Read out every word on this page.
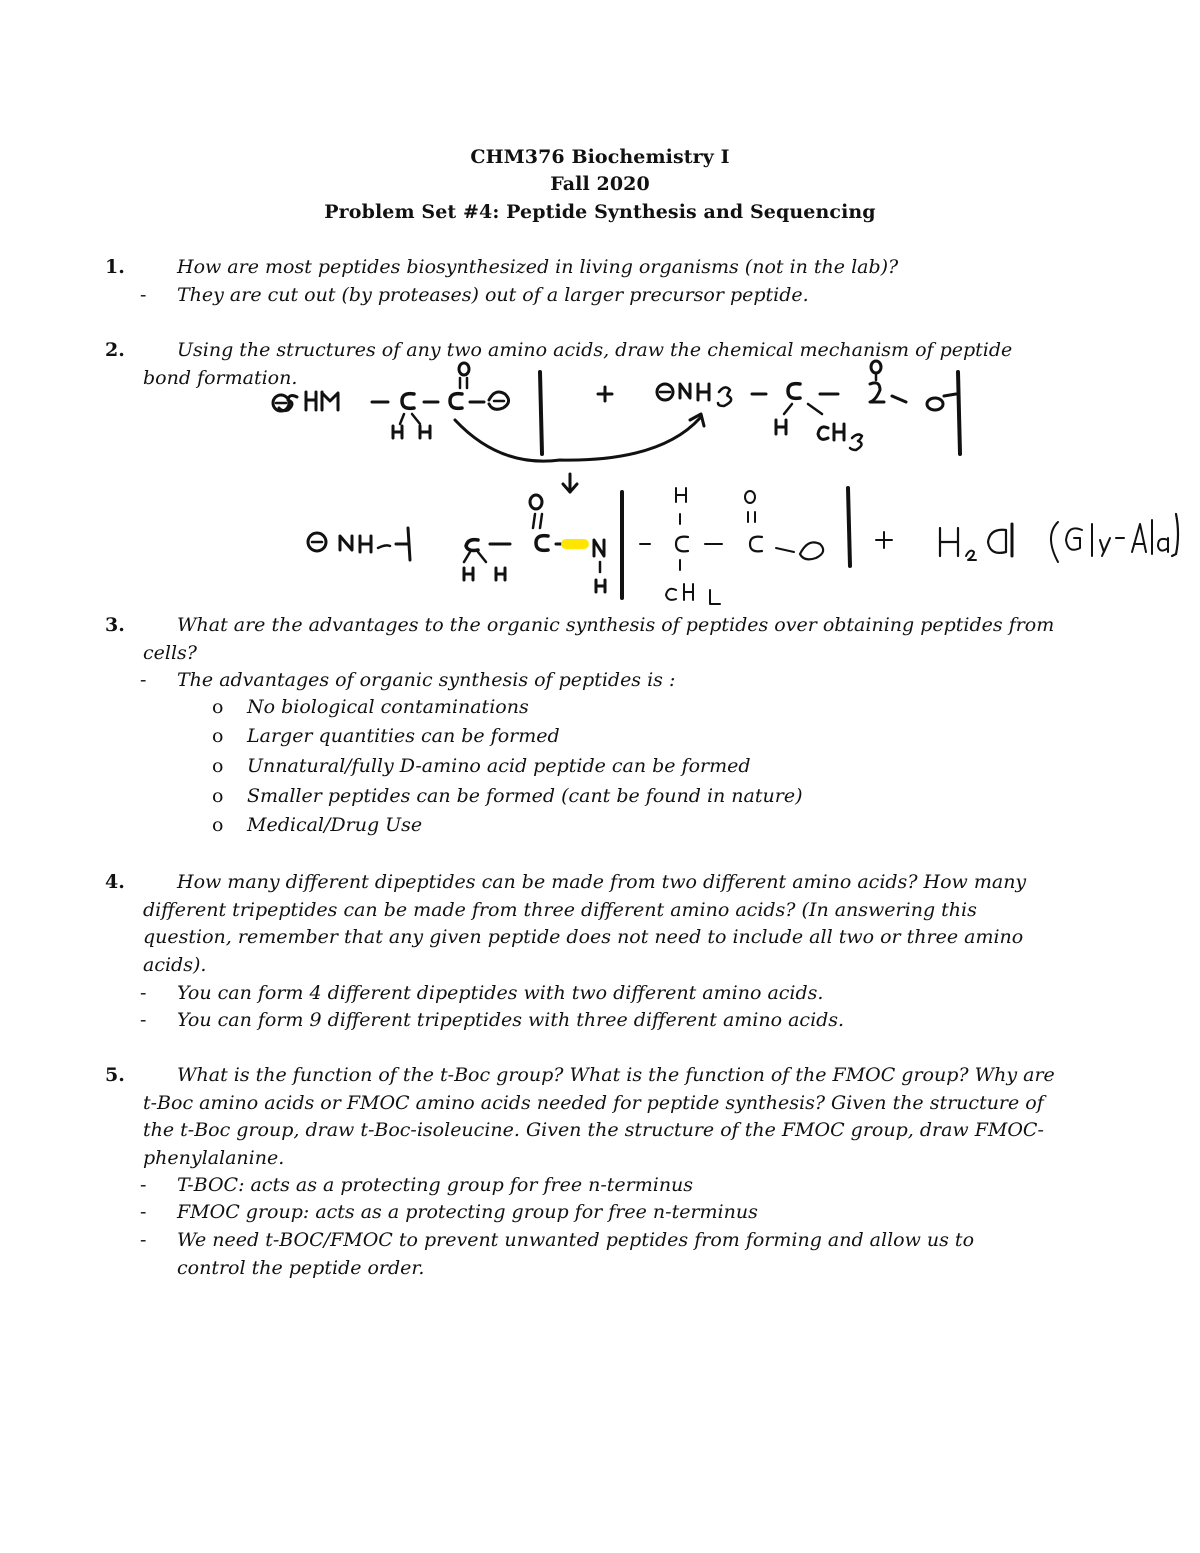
CHM376 Biochemistry I
Fall 2020
Problem Set #4: Peptide Synthesis and Sequencing
1.	How are most peptides biosynthesized in living organisms (not in the lab)?
-	They are cut out (by proteases) out of a larger precursor peptide.
2.	Using the structures of any two amino acids, draw the chemical mechanism of peptide bond formation.
3.	What are the advantages to the organic synthesis of peptides over obtaining peptides from cells?
-	The advantages of organic synthesis of peptides is :
o No biological contaminations
o Larger quantities can be formed
o Unnatural/fully D-amino acid peptide can be formed
o Smaller peptides can be formed (cant be found in nature)
o Medical/Drug Use
4.	How many different dipeptides can be made from two different amino acids? How many different tripeptides can be made from three different amino acids? (In answering this question, remember that any given peptide does not need to include all two or three amino acids).
-	You can form 4 different dipeptides with two different amino acids.
-	You can form 9 different tripeptides with three different amino acids.
5.	What is the function of the t-Boc group? What is the function of the FMOC group? Why are t-Boc amino acids or FMOC amino acids needed for peptide synthesis? Given the structure of the t-Boc group, draw t-Boc-isoleucine. Given the structure of the FMOC group, draw FMOC-phenylalanine.
-	T-BOC: acts as a protecting group for free n-terminus
-	FMOC group: acts as a protecting group for free n-terminus
-	We need t-BOC/FMOC to prevent unwanted peptides from forming and allow us to control the peptide order.
